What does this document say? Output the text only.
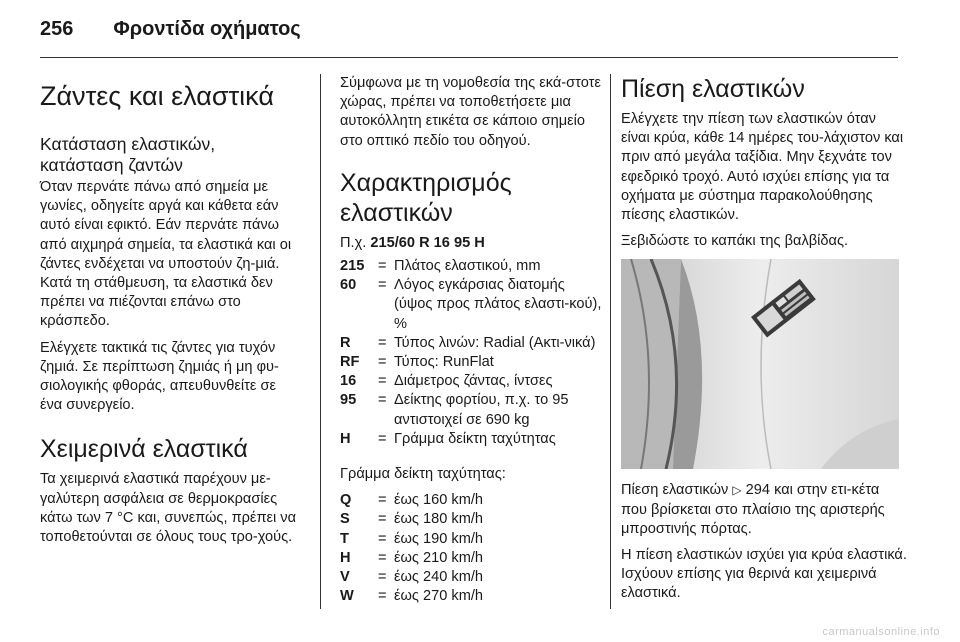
256 Φροντίδα οχήματος
Ζάντες και ελαστικά
Κατάσταση ελαστικών, κατάσταση ζαντών

Όταν περνάτε πάνω από σημεία με γωνίες, οδηγείτε αργά και κάθετα εάν αυτό είναι εφικτό. Εάν περνάτε πάνω από αιχμηρά σημεία, τα ελαστικά και οι ζάντες ενδέχεται να υποστούν ζη-μιά. Κατά τη στάθμευση, τα ελαστικά δεν πρέπει να πιέζονται επάνω στο κράσπεδο.

Ελέγχετε τακτικά τις ζάντες για τυχόν ζημιά. Σε περίπτωση ζημιάς ή μη φυ-σιολογικής φθοράς, απευθυνθείτε σε ένα συνεργείο.

Χειμερινά ελαστικά

Τα χειμερινά ελαστικά παρέχουν με-γαλύτερη ασφάλεια σε θερμοκρασίες κάτω των 7 °C και, συνεπώς, πρέπει να τοποθετούνται σε όλους τους τρο-χούς.

Σύμφωνα με τη νομοθεσία της εκά-στοτε χώρας, πρέπει να τοποθετήσετε μια αυτοκόλλητη ετικέτα σε κάποιο σημείο στο οπτικό πεδίο του οδηγού.

Χαρακτηρισμός ελαστικών
Π.χ. 215/60 R 16 95 H
215 = Πλάτος ελαστικού, mm
60	= Λόγος εγκάρσιας διατομής (ύψος προς πλάτος ελαστι-κού), %
R	= Τύπος λινών: Radial (Ακτι-νικά)
RF	= Τύπος: RunFlat
16	= Διάμετρος ζάντας, ίντσες
95	= Δείκτης φορτίου, π.χ. το 95 αντιστοιχεί σε 690 kg
H	= Γράμμα δείκτη ταχύτητας

Γράμμα δείκτη ταχύτητας:

Q	= έως 160 km/h
S	= έως 180 km/h
T	= έως 190 km/h
H	= έως 210 km/h
V	= έως 240 km/h
W	= έως 270 km/h
Πίεση ελαστικών

Ελέγχετε την πίεση των ελαστικών όταν είναι κρύα, κάθε 14 ημέρες του-λάχιστον και πριν από μεγάλα ταξίδια. Μην ξεχνάτε τον εφεδρικό τροχό. Αυτό ισχύει επίσης για τα οχήματα με σύστημα παρακολούθησης πίεσης ελαστικών.

Ξεβιδώστε το καπάκι της βαλβίδας.

Πίεση ελαστικών ▷ 294 και στην ετι-κέτα που βρίσκεται στο πλαίσιο της αριστερής μπροστινής πόρτας.

Η πίεση ελαστικών ισχύει για κρύα ελαστικά. Ισχύουν επίσης για θερινά και χειμερινά ελαστικά.

carmanualsonline.info
